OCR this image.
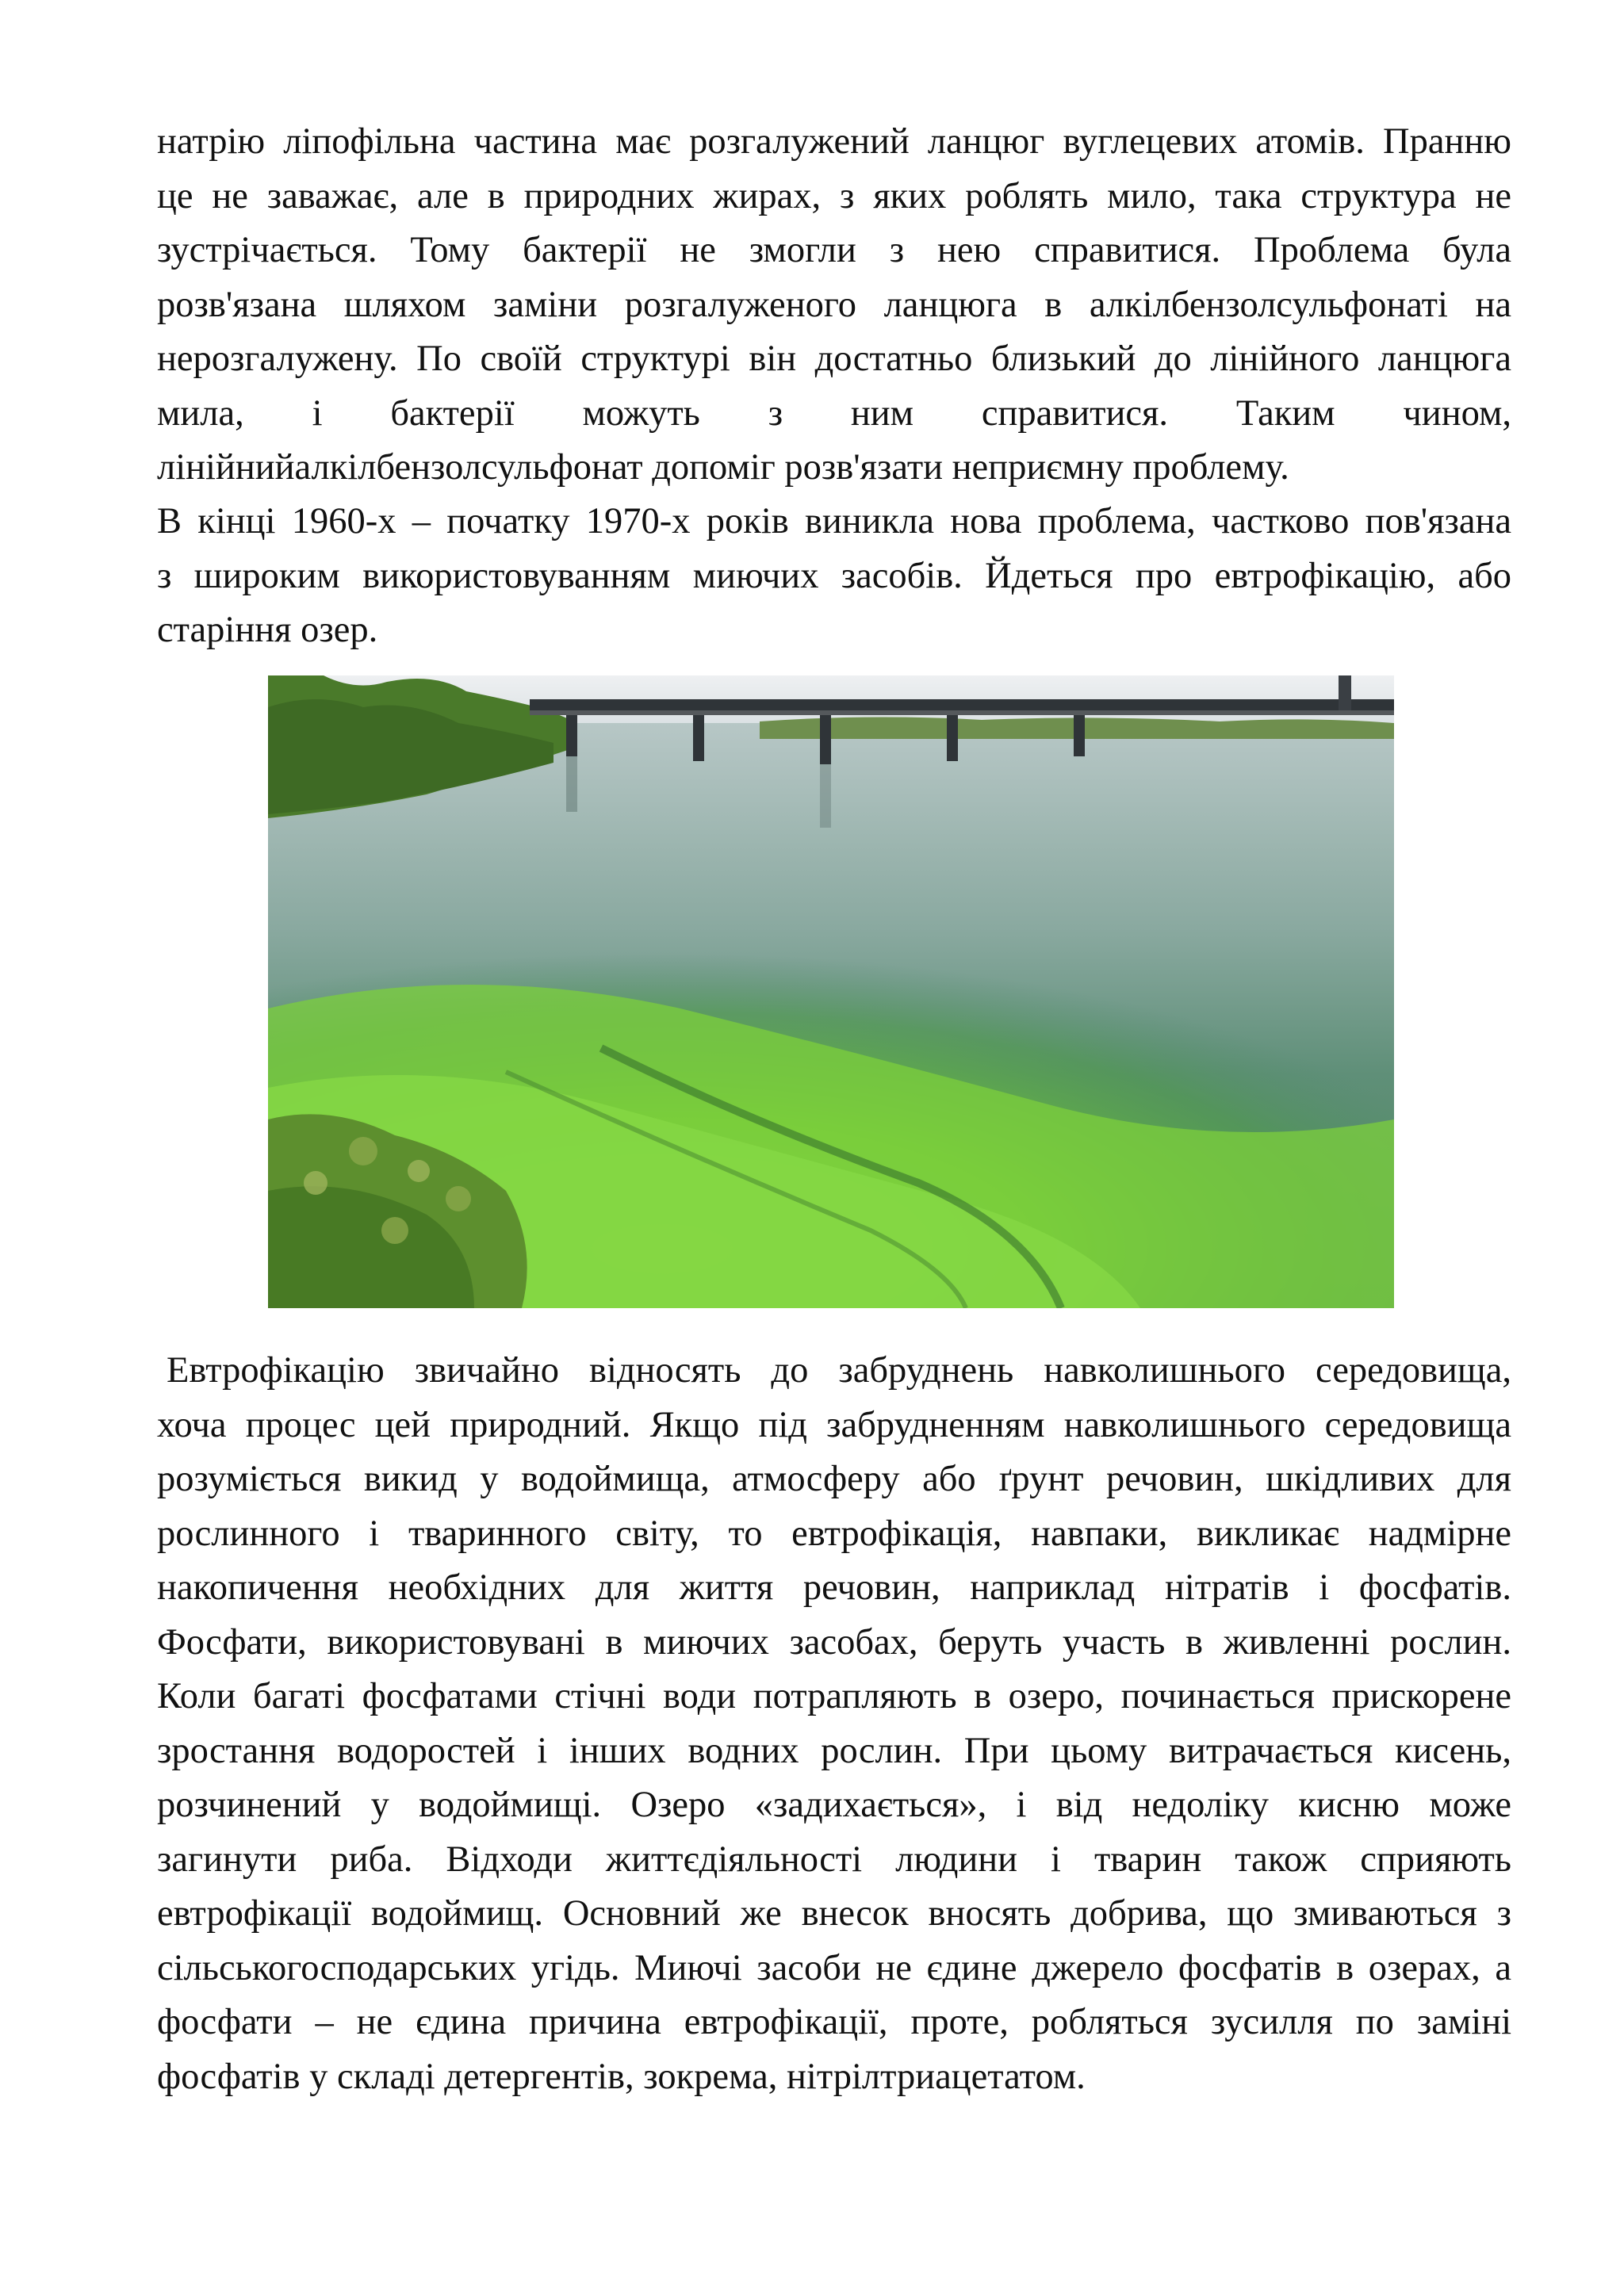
натрію ліпофільна частина має розгалужений ланцюг вуглецевих атомів. Пранню
це не заважає, але в природних жирах, з яких роблять мило, така структура не
зустрічається. Тому бактерії не змогли з нею справитися. Проблема була
розв'язана шляхом заміни розгалуженого ланцюга в алкілбензолсульфонаті на
нерозгалужену. По своїй структурі він достатньо близький до лінійного ланцюга
мила, і бактерії можуть з ним справитися. Таким чином,
лінійнийалкілбензолсульфонат допоміг розв'язати неприємну проблему.

В кінці 1960-х – початку 1970-х років виникла нова проблема, частково пов'язана
з широким використовуванням миючих засобів. Йдеться про евтрофікацію, або
старіння озер.

Евтрофікацію звичайно відносять до забруднень навколишнього середовища,
хоча процес цей природний. Якщо під забрудненням навколишнього середовища
розуміється викид у водоймища, атмосферу або ґрунт речовин, шкідливих для
рослинного і тваринного світу, то евтрофікація, навпаки, викликає надмірне
накопичення необхідних для життя речовин, наприклад нітратів і фосфатів.
Фосфати, використовувані в миючих засобах, беруть участь в живленні рослин.
Коли багаті фосфатами стічні води потрапляють в озеро, починається прискорене
зростання водоростей і інших водних рослин. При цьому витрачається кисень,
розчинений у водоймищі. Озеро «задихається», і від недоліку кисню може
загинути риба. Відходи життєдіяльності людини і тварин також сприяють
евтрофікації водоймищ. Основний же внесок вносять добрива, що змиваються з
сільськогосподарських угідь. Миючі засоби не єдине джерело фосфатів в озерах, а
фосфати – не єдина причина евтрофікації, проте, робляться зусилля по заміні
фосфатів у складі детергентів, зокрема, нітрілтриацетатом.
